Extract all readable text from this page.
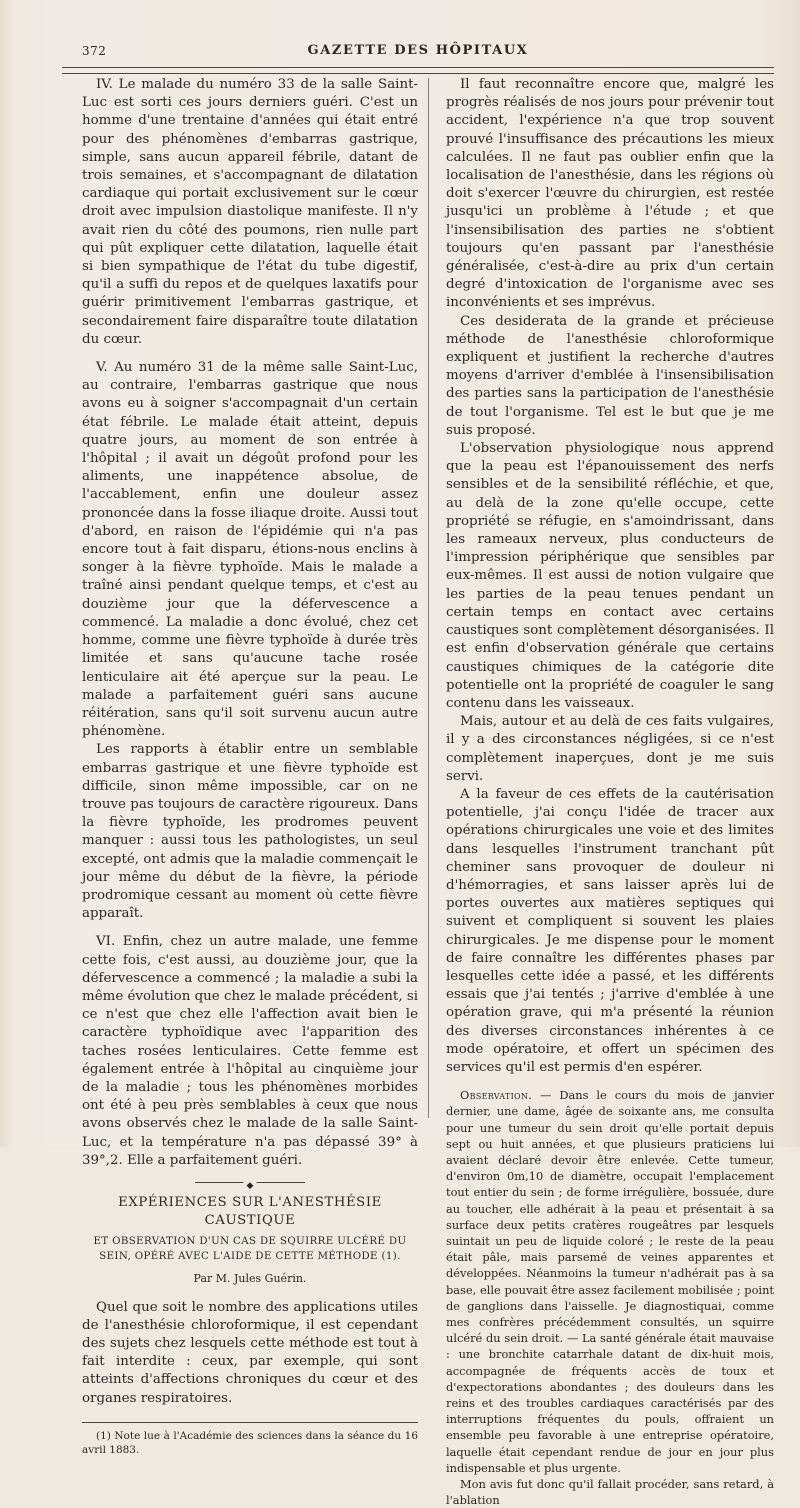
372	GAZETTE DES HÔPITAUX

IV. Le malade du numéro 33 de la salle Saint-Luc est sorti ces jours derniers guéri. C'est un homme d'une trentaine d'années qui était entré pour des phénomènes d'embarras gastrique, simple, sans aucun appareil fébrile, datant de trois semaines, et s'accompagnant de dilatation cardiaque qui portait exclusivement sur le cœur droit avec impulsion diastolique manifeste. Il n'y avait rien du côté des poumons, rien nulle part qui pût expliquer cette dilatation, laquelle était si bien sympathique de l'état du tube digestif, qu'il a suffi du repos et de quelques laxatifs pour guérir primitivement l'embarras gastrique, et secondairement faire disparaître toute dilatation du cœur.

V. Au numéro 31 de la même salle Saint-Luc, au contraire, l'embarras gastrique que nous avons eu à soigner s'accompagnait d'un certain état fébrile. Le malade était atteint, depuis quatre jours, au moment de son entrée à l'hôpital ; il avait un dégoût profond pour les aliments, une inappétence absolue, de l'accablement, enfin une douleur assez prononcée dans la fosse iliaque droite. Aussi tout d'abord, en raison de l'épidémie qui n'a pas encore tout à fait disparu, étions-nous enclins à songer à la fièvre typhoïde. Mais le malade a traîné ainsi pendant quelque temps, et c'est au douzième jour que la défervescence a commencé. La maladie a donc évolué, chez cet homme, comme une fièvre typhoïde à durée très limitée et sans qu'aucune tache rosée lenticulaire ait été aperçue sur la peau. Le malade a parfaitement guéri sans aucune réitération, sans qu'il soit survenu aucun autre phénomène.

Les rapports à établir entre un semblable embarras gastrique et une fièvre typhoïde est difficile, sinon même impossible, car on ne trouve pas toujours de caractère rigoureux. Dans la fièvre typhoïde, les prodromes peuvent manquer : aussi tous les pathologistes, un seul excepté, ont admis que la maladie commençait le jour même du début de la fièvre, la période prodromique cessant au moment où cette fièvre apparaît.

VI. Enfin, chez un autre malade, une femme cette fois, c'est aussi, au douzième jour, que la défervescence a commencé ; la maladie a subi la même évolution que chez le malade précédent, si ce n'est que chez elle l'affection avait bien le caractère typhoïdique avec l'apparition des taches rosées lenticulaires. Cette femme est également entrée à l'hôpital au cinquième jour de la maladie ; tous les phénomènes morbides ont été à peu près semblables à ceux que nous avons observés chez le malade de la salle Saint-Luc, et la température n'a pas dépassé 39° à 39°,2. Elle a parfaitement guéri.

◆
EXPÉRIENCES SUR L'ANESTHÉSIE CAUSTIQUE
ET OBSERVATION D'UN CAS DE SQUIRRE ULCÉRÉ DU SEIN, OPÉRÉ AVEC L'AIDE DE CETTE MÉTHODE (1).
Par M. Jules Guérin.

Quel que soit le nombre des applications utiles de l'anesthésie chloroformique, il est cependant des sujets chez lesquels cette méthode est tout à fait interdite : ceux, par exemple, qui sont atteints d'affections chroniques du cœur et des organes respiratoires.

(1) Note lue à l'Académie des sciences dans la séance du 16 avril 1883.

Il faut reconnaître encore que, malgré les progrès réalisés de nos jours pour prévenir tout accident, l'expérience n'a que trop souvent prouvé l'insuffisance des précautions les mieux calculées. Il ne faut pas oublier enfin que la localisation de l'anesthésie, dans les régions où doit s'exercer l'œuvre du chirurgien, est restée jusqu'ici un problème à l'étude ; et que l'insensibilisation des parties ne s'obtient toujours qu'en passant par l'anesthésie généralisée, c'est-à-dire au prix d'un certain degré d'intoxication de l'organisme avec ses inconvénients et ses imprévus.

Ces desiderata de la grande et précieuse méthode de l'anesthésie chloroformique expliquent et justifient la recherche d'autres moyens d'arriver d'emblée à l'insensibilisation des parties sans la participation de l'anesthésie de tout l'organisme. Tel est le but que je me suis proposé.

L'observation physiologique nous apprend que la peau est l'épanouissement des nerfs sensibles et de la sensibilité réfléchie, et que, au delà de la zone qu'elle occupe, cette propriété se réfugie, en s'amoindrissant, dans les rameaux nerveux, plus conducteurs de l'impression périphérique que sensibles par eux-mêmes. Il est aussi de notion vulgaire que les parties de la peau tenues pendant un certain temps en contact avec certains caustiques sont complètement désorganisées. Il est enfin d'observation générale que certains caustiques chimiques de la catégorie dite potentielle ont la propriété de coaguler le sang contenu dans les vaisseaux.

Mais, autour et au delà de ces faits vulgaires, il y a des circonstances négligées, si ce n'est complètement inaperçues, dont je me suis servi.

A la faveur de ces effets de la cautérisation potentielle, j'ai conçu l'idée de tracer aux opérations chirurgicales une voie et des limites dans lesquelles l'instrument tranchant pût cheminer sans provoquer de douleur ni d'hémorragies, et sans laisser après lui de portes ouvertes aux matières septiques qui suivent et compliquent si souvent les plaies chirurgicales. Je me dispense pour le moment de faire connaître les différentes phases par lesquelles cette idée a passé, et les différents essais que j'ai tentés ; j'arrive d'emblée à une opération grave, qui m'a présenté la réunion des diverses circonstances inhérentes à ce mode opératoire, et offert un spécimen des services qu'il est permis d'en espérer.

Observation. — Dans le cours du mois de janvier dernier, une dame, âgée de soixante ans, me consulta pour une tumeur du sein droit qu'elle portait depuis sept ou huit années, et que plusieurs praticiens lui avaient déclaré devoir être enlevée. Cette tumeur, d'environ 0m,10 de diamètre, occupait l'emplacement tout entier du sein ; de forme irrégulière, bossuée, dure au toucher, elle adhérait à la peau et présentait à sa surface deux petits cratères rougeâtres par lesquels suintait un peu de liquide coloré ; le reste de la peau était pâle, mais parsemé de veines apparentes et développées. Néanmoins la tumeur n'adhérait pas à sa base, elle pouvait être assez facilement mobilisée ; point de ganglions dans l'aisselle. Je diagnostiquai, comme mes confrères précédemment consultés, un squirre ulcéré du sein droit. — La santé générale était mauvaise : une bronchite catarrhale datant de dix-huit mois, accompagnée de fréquents accès de toux et d'expectorations abondantes ; des douleurs dans les reins et des troubles cardiaques caractérisés par des interruptions fréquentes du pouls, offraient un ensemble peu favorable à une entreprise opératoire, laquelle était cependant rendue de jour en jour plus indispensable et plus urgente.

Mon avis fut donc qu'il fallait procéder, sans retard, à l'ablation
